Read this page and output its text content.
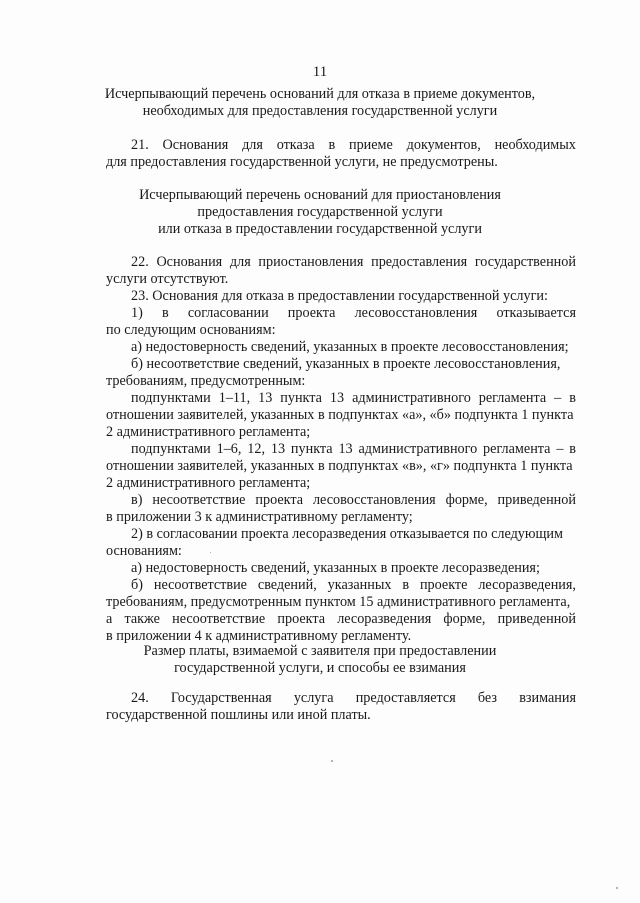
11
Исчерпывающий перечень оснований для отказа в приеме документов,
необходимых для предоставления государственной услуги
21. Основания для отказа в приеме документов, необходимых
для предоставления государственной услуги, не предусмотрены.
Исчерпывающий перечень оснований для приостановления
предоставления государственной услуги
или отказа в предоставлении государственной услуги
22. Основания для приостановления предоставления государственной
услуги отсутствуют.
23. Основания для отказа в предоставлении государственной услуги:
1) в согласовании проекта лесовосстановления отказывается
по следующим основаниям:
а) недостоверность сведений, указанных в проекте лесовосстановления;
б) несоответствие сведений, указанных в проекте лесовосстановления,
требованиям, предусмотренным:
подпунктами 1–11, 13 пункта 13 административного регламента – в
отношении заявителей, указанных в подпунктах «а», «б» подпункта 1 пункта
2 административного регламента;
подпунктами 1–6, 12, 13 пункта 13 административного регламента – в
отношении заявителей, указанных в подпунктах «в», «г» подпункта 1 пункта
2 административного регламента;
в) несоответствие проекта лесовосстановления форме, приведенной
в приложении 3 к административному регламенту;
2) в согласовании проекта лесоразведения отказывается по следующим
основаниям:
а) недостоверность сведений, указанных в проекте лесоразведения;
б) несоответствие сведений, указанных в проекте лесоразведения,
требованиям, предусмотренным пунктом 15 административного регламента,
а также несоответствие проекта лесоразведения форме, приведенной
в приложении 4 к административному регламенту.
Размер платы, взимаемой с заявителя при предоставлении
государственной услуги, и способы ее взимания
24. Государственная услуга предоставляется без взимания
государственной пошлины или иной платы.
